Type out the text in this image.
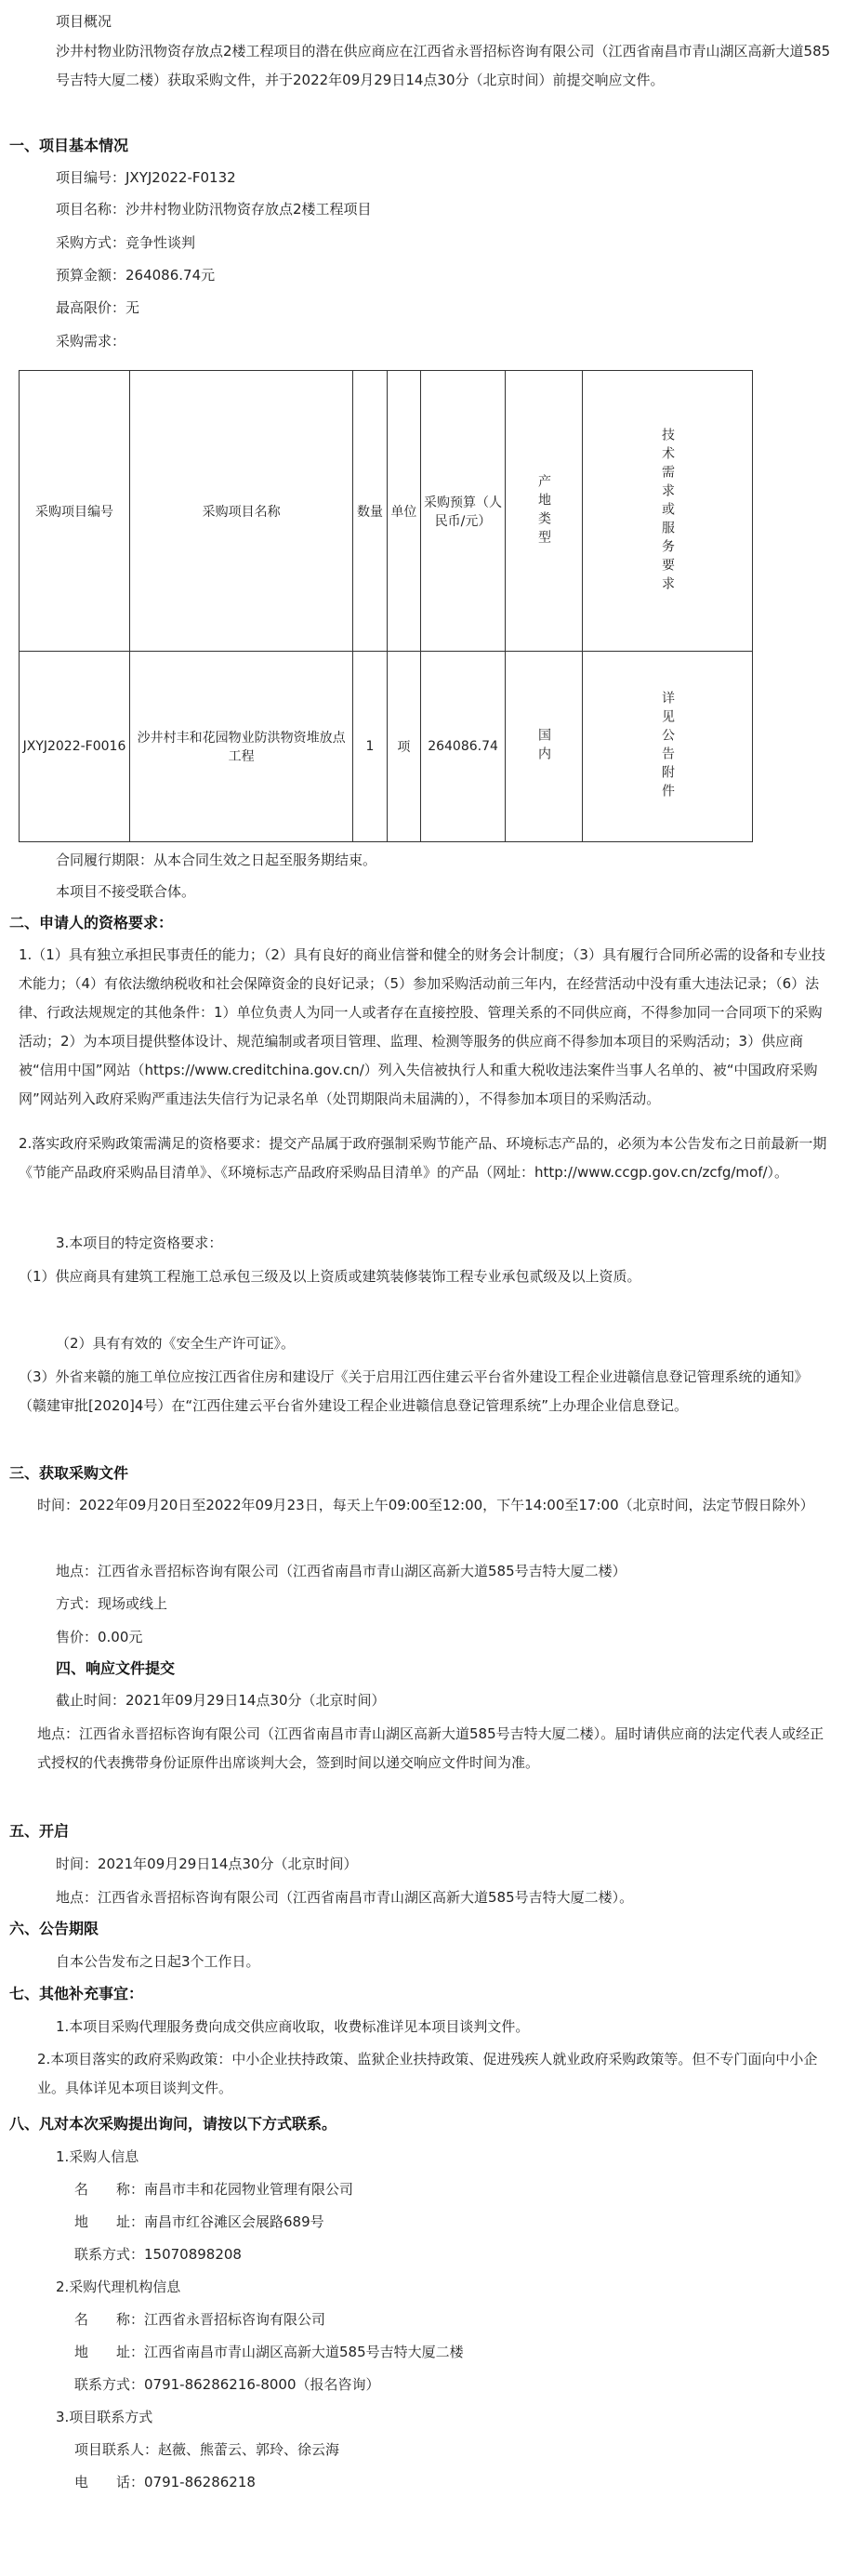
项目概况
沙井村物业防汛物资存放点2楼工程项目的潜在供应商应在江西省永晋招标咨询有限公司（江西省南昌市青山湖区高新大道585号吉特大厦二楼）获取采购文件，并于2022年09月29日14点30分（北京时间）前提交响应文件。
一、项目基本情况
项目编号：JXYJ2022-F0132
项目名称：沙井村物业防汛物资存放点2楼工程项目
采购方式：竞争性谈判
预算金额：264086.74元
最高限价：无
采购需求：
采购项目编号	采购项目名称	数量	单位	采购预算（人民币/元）	产地类型	技术需求或服务要求

JXYJ2022-F0016	沙井村丰和花园物业防洪物资堆放点工程	1	项	264086.74	国内	详见公告附件
合同履行期限：从本合同生效之日起至服务期结束。
本项目不接受联合体。
二、申请人的资格要求：
1.（1）具有独立承担民事责任的能力；（2）具有良好的商业信誉和健全的财务会计制度；（3）具有履行合同所必需的设备和专业技术能力；（4）有依法缴纳税收和社会保障资金的良好记录；（5）参加采购活动前三年内，在经营活动中没有重大违法记录；（6）法律、行政法规规定的其他条件：1）单位负责人为同一人或者存在直接控股、管理关系的不同供应商，不得参加同一合同项下的采购活动；2）为本项目提供整体设计、规范编制或者项目管理、监理、检测等服务的供应商不得参加本项目的采购活动；3）供应商被“信用中国”网站（https://www.creditchina.gov.cn/）列入失信被执行人和重大税收违法案件当事人名单的、被“中国政府采购网”网站列入政府采购严重违法失信行为记录名单（处罚期限尚未届满的），不得参加本项目的采购活动。
2.落实政府采购政策需满足的资格要求：提交产品属于政府强制采购节能产品、环境标志产品的，必须为本公告发布之日前最新一期《节能产品政府采购品目清单》、《环境标志产品政府采购品目清单》的产品（网址：http://www.ccgp.gov.cn/zcfg/mof/）。
3.本项目的特定资格要求：
（1）供应商具有建筑工程施工总承包三级及以上资质或建筑装修装饰工程专业承包贰级及以上资质。
（2）具有有效的《安全生产许可证》。
（3）外省来赣的施工单位应按江西省住房和建设厅《关于启用江西住建云平台省外建设工程企业进赣信息登记管理系统的通知》（赣建审批[2020]4号）在“江西住建云平台省外建设工程企业进赣信息登记管理系统”上办理企业信息登记。
三、获取采购文件
时间：2022年09月20日至2022年09月23日，每天上午09:00至12:00，下午14:00至17:00（北京时间，法定节假日除外）
地点：江西省永晋招标咨询有限公司（江西省南昌市青山湖区高新大道585号吉特大厦二楼）
方式：现场或线上
售价：0.00元
四、响应文件提交
截止时间：2021年09月29日14点30分（北京时间）
地点：江西省永晋招标咨询有限公司（江西省南昌市青山湖区高新大道585号吉特大厦二楼）。届时请供应商的法定代表人或经正式授权的代表携带身份证原件出席谈判大会，签到时间以递交响应文件时间为准。
五、开启
时间：2021年09月29日14点30分（北京时间）
地点：江西省永晋招标咨询有限公司（江西省南昌市青山湖区高新大道585号吉特大厦二楼）。
六、公告期限
自本公告发布之日起3个工作日。
七、其他补充事宜：
1.本项目采购代理服务费向成交供应商收取，收费标准详见本项目谈判文件。
2.本项目落实的政府采购政策：中小企业扶持政策、监狱企业扶持政策、促进残疾人就业政府采购政策等。但不专门面向中小企业。具体详见本项目谈判文件。
八、凡对本次采购提出询问，请按以下方式联系。
1.采购人信息
名　　称：南昌市丰和花园物业管理有限公司
地　　址：南昌市红谷滩区会展路689号
联系方式：15070898208
2.采购代理机构信息
名　　称：江西省永晋招标咨询有限公司
地　　址：江西省南昌市青山湖区高新大道585号吉特大厦二楼
联系方式：0791-86286216-8000（报名咨询）
3.项目联系方式
项目联系人：赵薇、熊蕾云、郭玲、徐云海
电　　话：0791-86286218
